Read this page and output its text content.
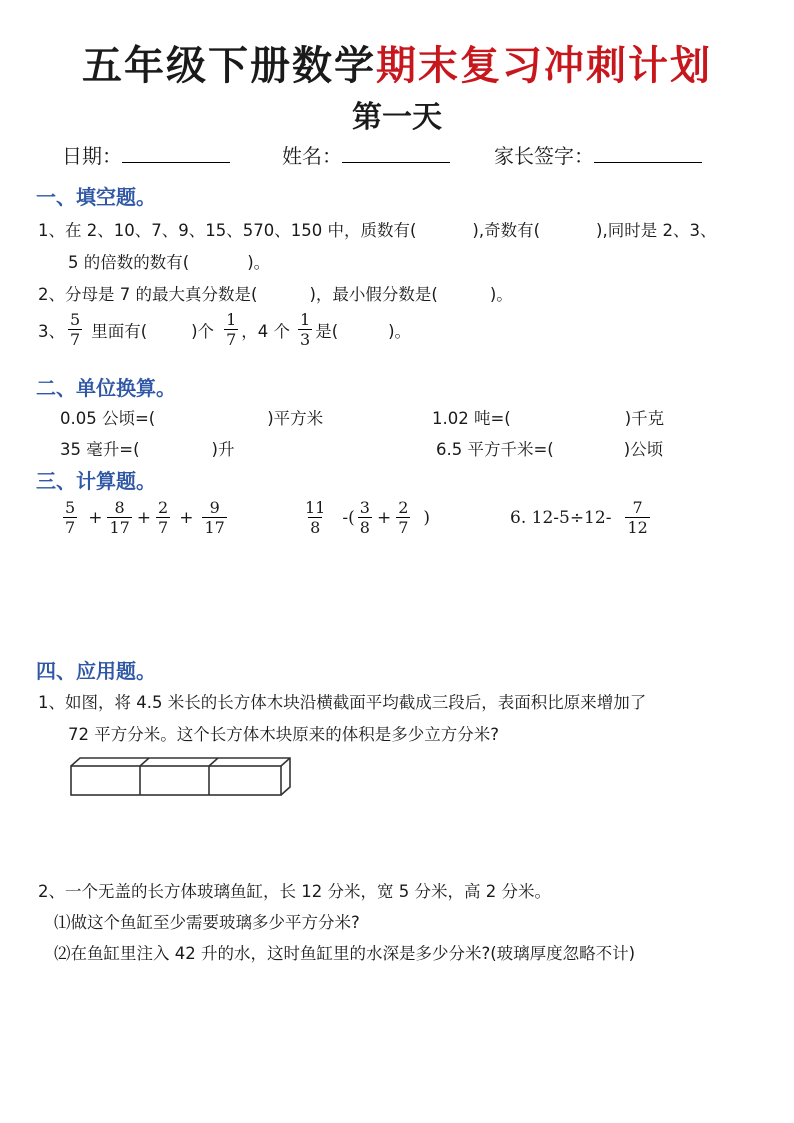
五年级下册数学期末复习冲刺计划
第一天
日期：	姓名：	家长签字：
一、填空题。
1、在 2、10、7、9、15、570、150 中，质数有(	),奇数有(	),同时是 2、3、
5 的倍数的数有(	)。
2、分母是 7 的最大真分数是(	)，最小假分数是(	)。
3、 $\frac{5}{7}$ 里面有(	)个 $\frac{1}{7}$ ，4 个 $\frac{1}{3}$ 是(	)。
二、单位换算。
0.05 公顷=(	)平方米	1.02 吨=(	)千克
35 毫升=(	)升	6.5 平方千米=(	)公顷
三、计算题。
$\frac{5}{7} + \frac{8}{17} + \frac{2}{7} + \frac{9}{17}$	$\frac{11}{8}$ -( $\frac{3}{8} + \frac{2}{7}$ )	6. $12-5\div 12- \frac{7}{12}$
四、应用题。
1、如图，将 4.5 米长的长方体木块沿横截面平均截成三段后，表面积比原来增加了
72 平方分米。这个长方体木块原来的体积是多少立方分米?
2、一个无盖的长方体玻璃鱼缸，长 12 分米，宽 5 分米，高 2 分米。
⑴做这个鱼缸至少需要玻璃多少平方分米?
⑵在鱼缸里注入 42 升的水，这时鱼缸里的水深是多少分米?(玻璃厚度忽略不计)
